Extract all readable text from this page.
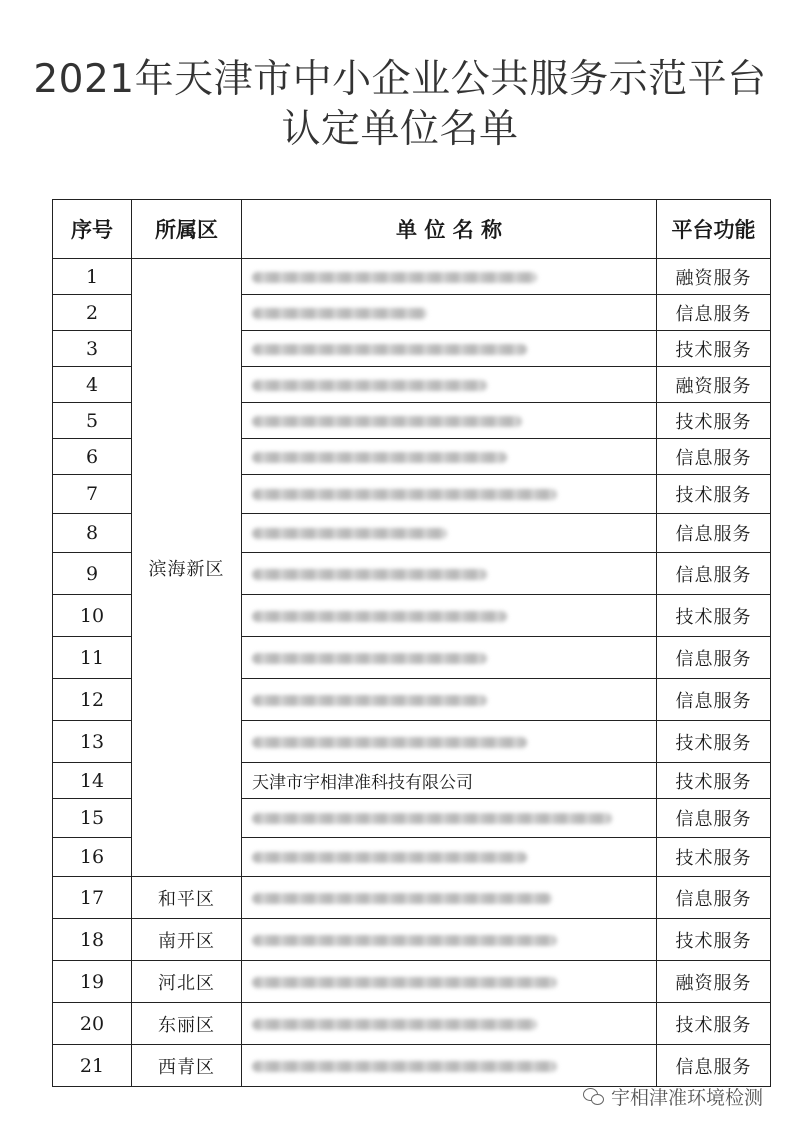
2021年天津市中小企业公共服务示范平台
认定单位名单
序号	所属区	单 位 名 称	平台功能
1	滨海新区		融资服务
2			信息服务
3			技术服务
4			融资服务
5			技术服务
6			信息服务
7			技术服务
8			信息服务
9			信息服务
10			技术服务
11			信息服务
12			信息服务
13			技术服务
14		天津市宇相津准科技有限公司	技术服务
15			信息服务
16			技术服务
17	和平区		信息服务
18	南开区		技术服务
19	河北区		融资服务
20	东丽区		技术服务
21	西青区		信息服务
宇相津准环境检测
